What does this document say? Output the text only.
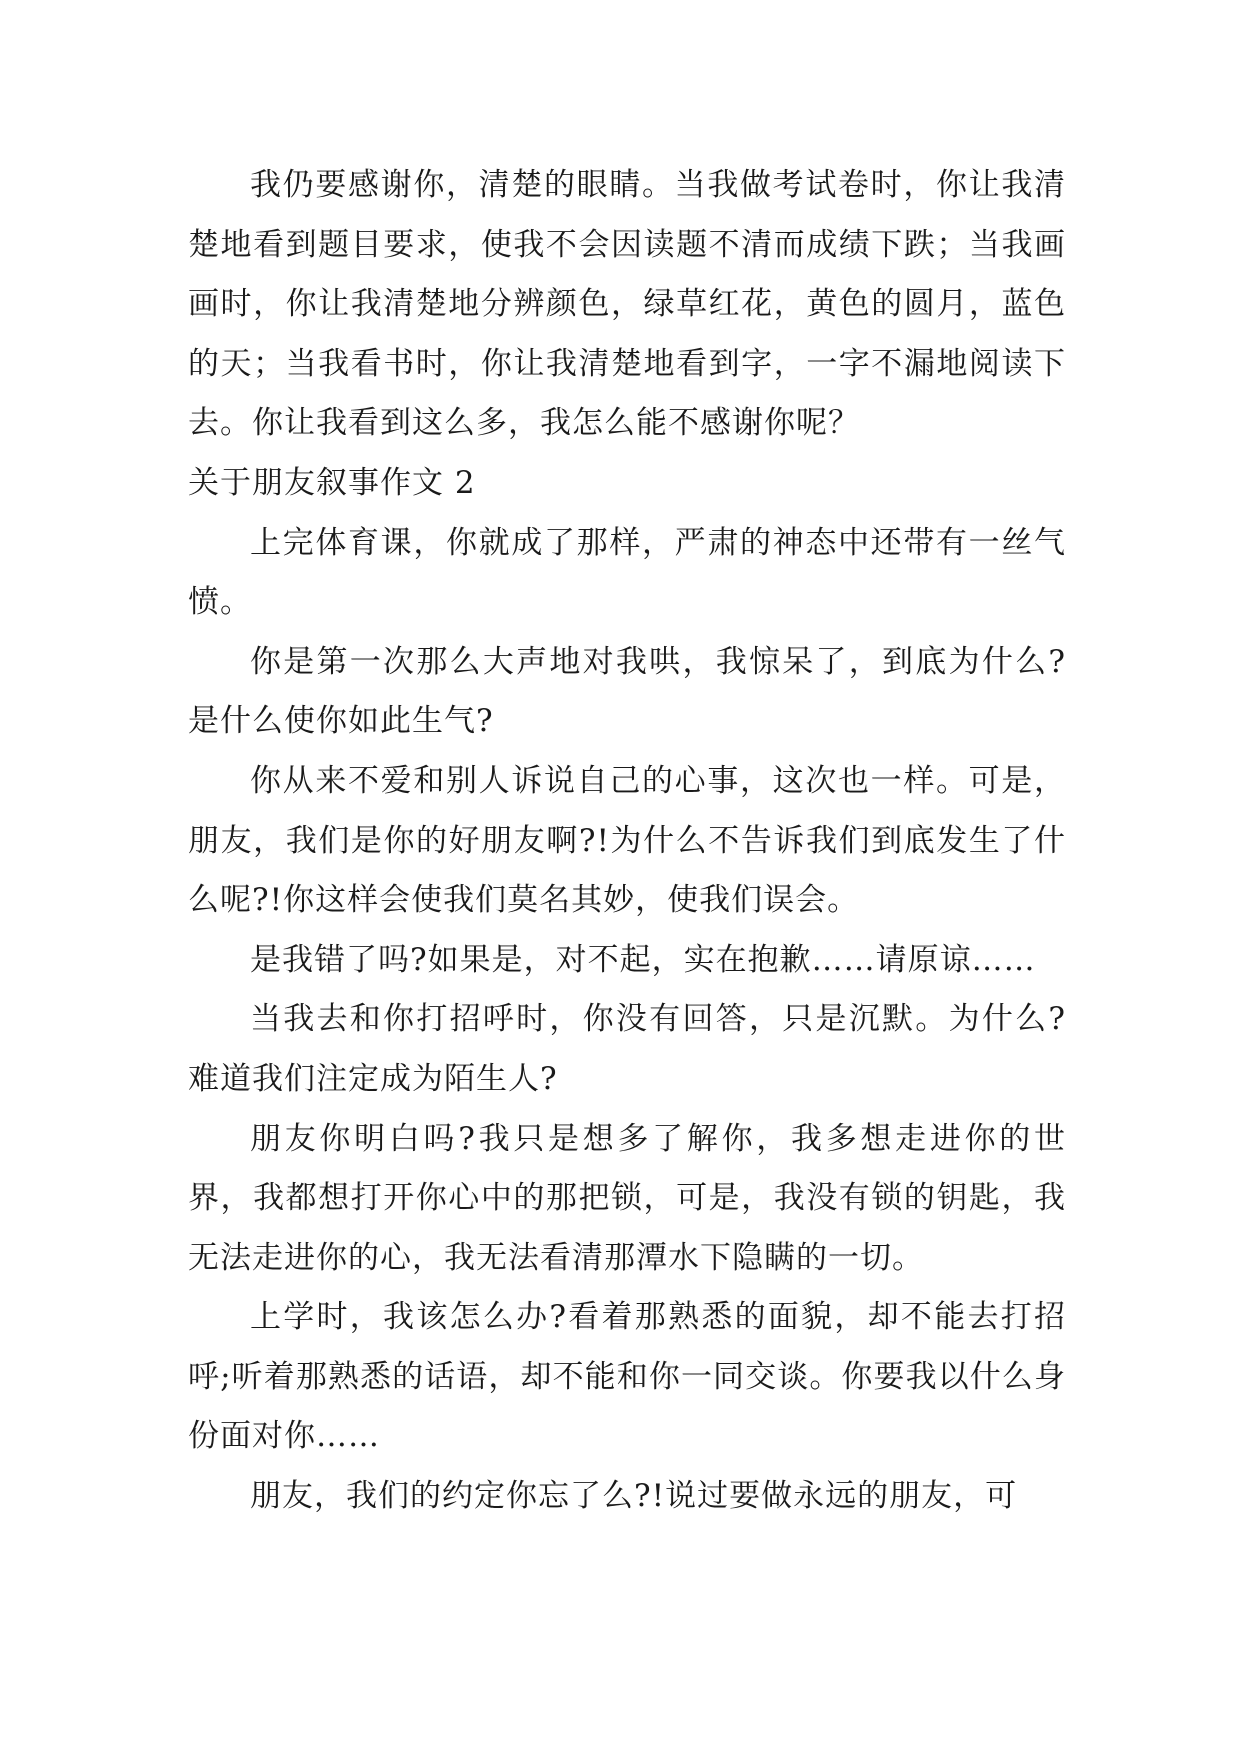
我仍要感谢你，清楚的眼睛。当我做考试卷时，你让我清楚地看到题目要求，使我不会因读题不清而成绩下跌；当我画画时，你让我清楚地分辨颜色，绿草红花，黄色的圆月，蓝色的天；当我看书时，你让我清楚地看到字，一字不漏地阅读下去。你让我看到这么多，我怎么能不感谢你呢？

关于朋友叙事作文 2

上完体育课，你就成了那样，严肃的神态中还带有一丝气愤。

你是第一次那么大声地对我哄，我惊呆了，到底为什么?是什么使你如此生气?

你从来不爱和别人诉说自己的心事，这次也一样。可是，朋友，我们是你的好朋友啊?!为什么不告诉我们到底发生了什么呢?!你这样会使我们莫名其妙，使我们误会。

是我错了吗?如果是，对不起，实在抱歉……请原谅……

当我去和你打招呼时，你没有回答，只是沉默。为什么?难道我们注定成为陌生人?

朋友你明白吗?我只是想多了解你，我多想走进你的世界，我都想打开你心中的那把锁，可是，我没有锁的钥匙，我无法走进你的心，我无法看清那潭水下隐瞒的一切。

上学时，我该怎么办?看着那熟悉的面貌，却不能去打招呼;听着那熟悉的话语，却不能和你一同交谈。你要我以什么身份面对你……

朋友，我们的约定你忘了么?!说过要做永远的朋友，可
